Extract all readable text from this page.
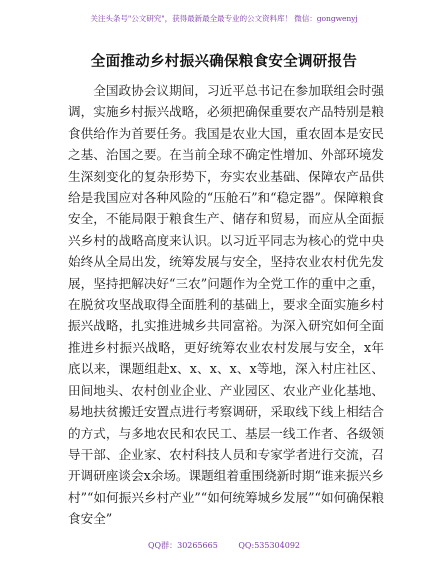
关注头条号"公文研究"，获得最新最全最专业的公文资料库！ 微信：gongwenyj
全面推动乡村振兴确保粮食安全调研报告

全国政协会议期间，习近平总书记在参加联组会时强调，实施乡村振兴战略，必须把确保重要农产品特别是粮食供给作为首要任务。我国是农业大国，重农固本是安民之基、治国之要。在当前全球不确定性增加、外部环境发生深刻变化的复杂形势下，夯实农业基础、保障农产品供给是我国应对各种风险的“压舱石”和“稳定器”。保障粮食安全，不能局限于粮食生产、储存和贸易，而应从全面振兴乡村的战略高度来认识。以习近平同志为核心的党中央始终从全局出发，统筹发展与安全，坚持农业农村优先发展，坚持把解决好“三农”问题作为全党工作的重中之重，在脱贫攻坚战取得全面胜利的基础上，要求全面实施乡村振兴战略，扎实推进城乡共同富裕。为深入研究如何全面推进乡村振兴战略，更好统筹农业农村发展与安全，x年底以来，课题组赴x、x、x、x、x等地，深入村庄社区、田间地头、农村创业企业、产业园区、农业产业化基地、易地扶贫搬迁安置点进行考察调研，采取线下线上相结合的方式，与多地农民和农民工、基层一线工作者、各级领导干部、企业家、农村科技人员和专家学者进行交流，召开调研座谈会x余场。课题组着重围绕新时期“谁来振兴乡村”“如何振兴乡村产业”“如何统筹城乡发展”“如何确保粮食安全”

QQ群：30265665	QQ:535304092
